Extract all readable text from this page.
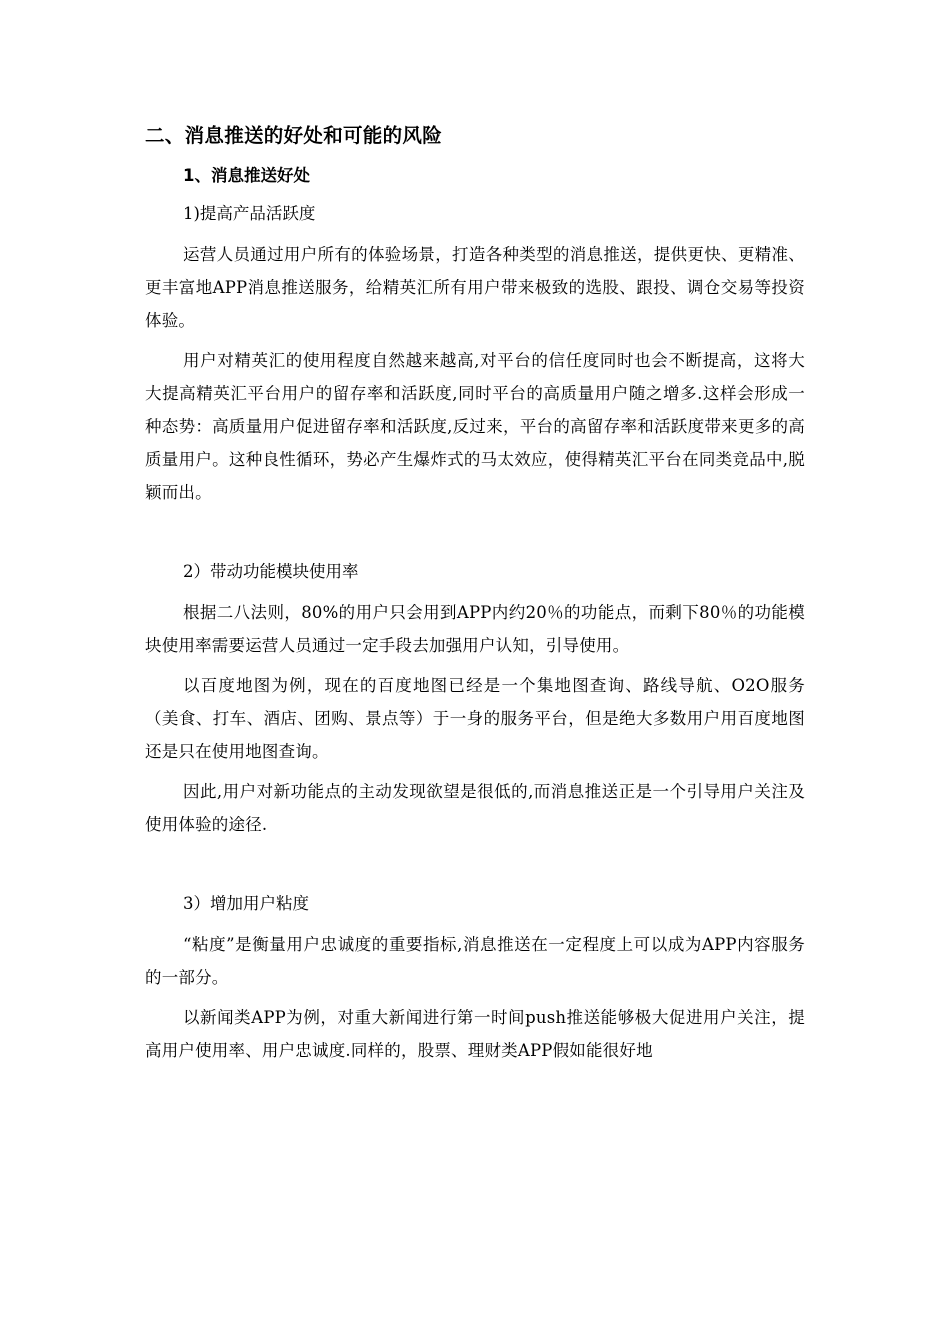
二、消息推送的好处和可能的风险
1、消息推送好处
1)提高产品活跃度

运营人员通过用户所有的体验场景，打造各种类型的消息推送，提供更快、更精准、更丰富地APP消息推送服务，给精英汇所有用户带来极致的选股、跟投、调仓交易等投资体验。

用户对精英汇的使用程度自然越来越高,对平台的信任度同时也会不断提高，这将大大提高精英汇平台用户的留存率和活跃度,同时平台的高质量用户随之增多.这样会形成一种态势：高质量用户促进留存率和活跃度,反过来，平台的高留存率和活跃度带来更多的高质量用户。这种良性循环，势必产生爆炸式的马太效应，使得精英汇平台在同类竞品中,脱颖而出。

2）带动功能模块使用率

根据二八法则，80%的用户只会用到APP内约20％的功能点，而剩下80％的功能模块使用率需要运营人员通过一定手段去加强用户认知，引导使用。

以百度地图为例，现在的百度地图已经是一个集地图查询、路线导航、O2O服务（美食、打车、酒店、团购、景点等）于一身的服务平台，但是绝大多数用户用百度地图还是只在使用地图查询。

因此,用户对新功能点的主动发现欲望是很低的,而消息推送正是一个引导用户关注及使用体验的途径.

3）增加用户粘度

“粘度”是衡量用户忠诚度的重要指标,消息推送在一定程度上可以成为APP内容服务的一部分。

以新闻类APP为例，对重大新闻进行第一时间push推送能够极大促进用户关注，提高用户使用率、用户忠诚度.同样的，股票、理财类APP假如能很好地
